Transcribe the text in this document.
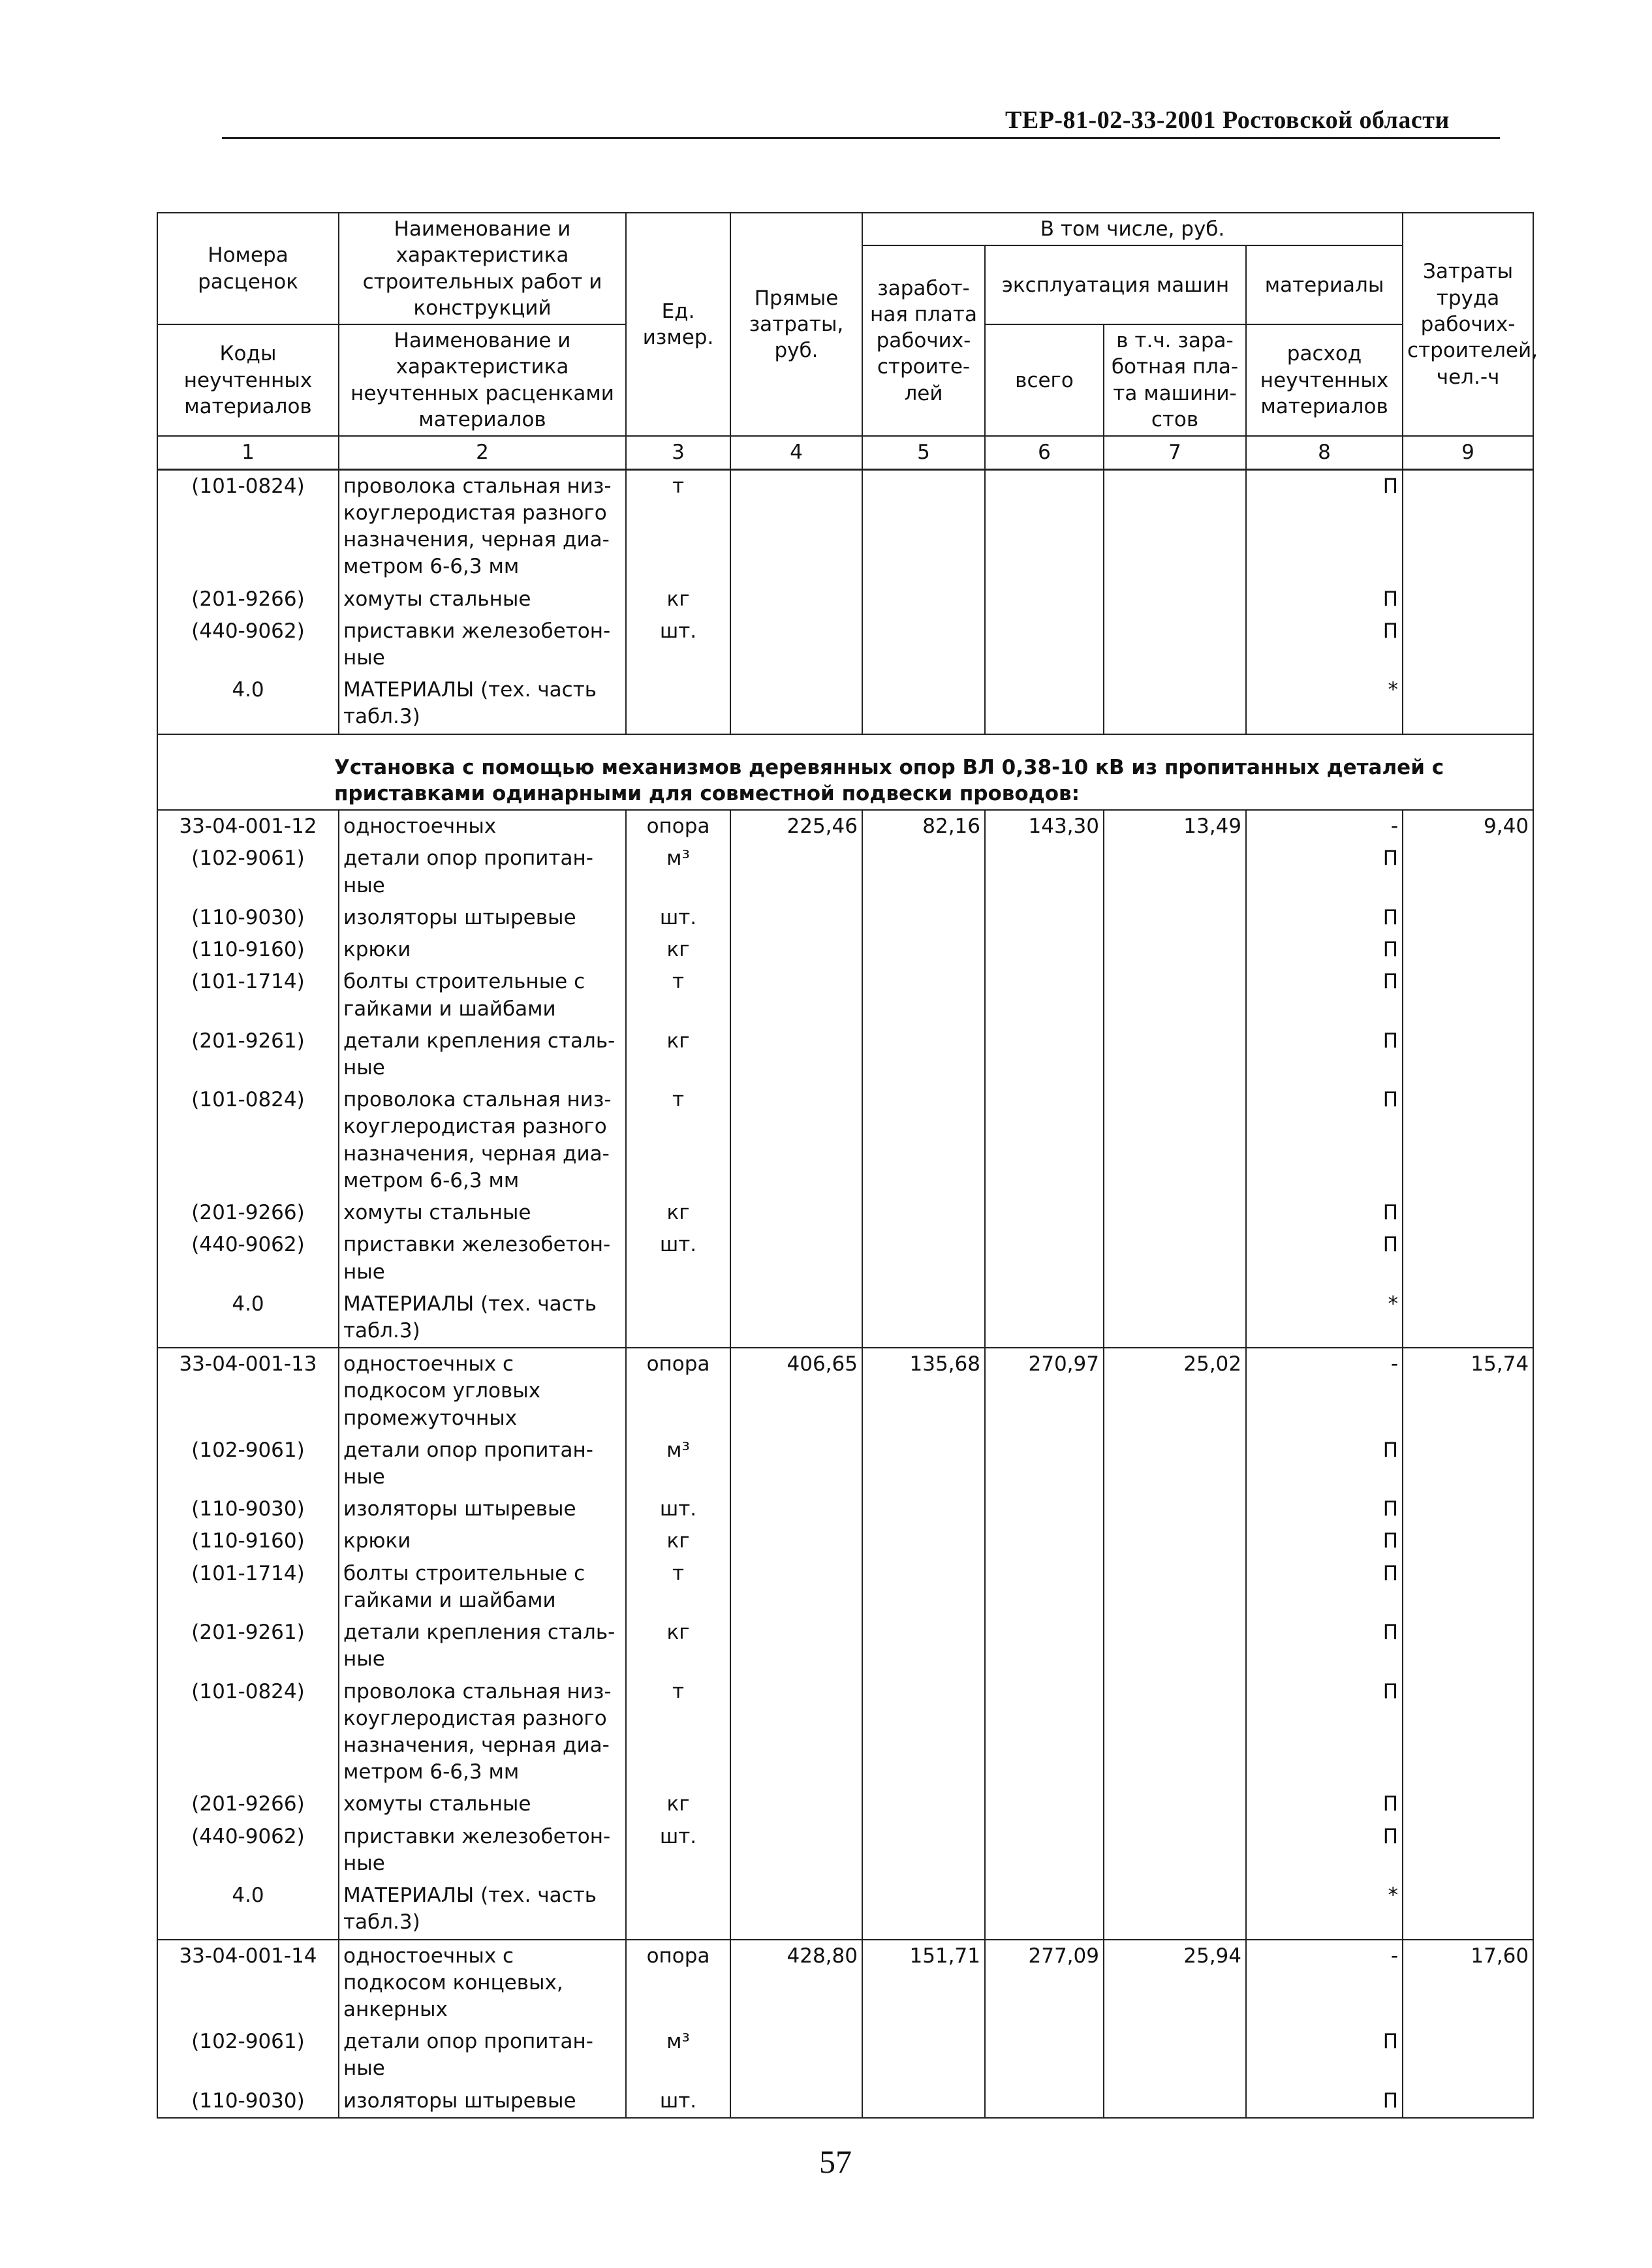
ТЕР-81-02-33-2001 Ростовской области
Номера расценок	Наименование и характеристика строительных работ и конструкций	Ед. измер.	Прямые затраты, руб.	В том числе, руб.				Затраты труда рабочих-строителей, чел.-ч
				заработ-ная плата рабочих-строите-лей	эксплуатация машин		материалы	
Коды неучтенных материалов	Наименование и характеристика неучтенных расценками материалов				всего	в т.ч. зара-ботная пла-та машини-стов	расход неучтенных материалов	

1	2	3	4	5	6	7	8	9
(101-0824)	проволока стальная низ-коуглеродистая разного назначения, черная диа-метром 6-6,3 мм	т					П	
(201-9266)	хомуты стальные	кг					П	
(440-9062)	приставки железобетон-ные	шт.					П	
4.0	МАТЕРИАЛЫ (тех. часть табл.3)						*	
Установка с помощью механизмов деревянных опор ВЛ 0,38-10 кВ из пропитанных деталей с приставками одинарными для совместной подвески проводов:								
33-04-001-12	одностоечных	опора	225,46	82,16	143,30	13,49	-	9,40
(102-9061)	детали опор пропитан-ные	м³					П	
(110-9030)	изоляторы штыревые	шт.					П	
(110-9160)	крюки	кг					П	
(101-1714)	болты строительные с гайками и шайбами	т					П	
(201-9261)	детали крепления сталь-ные	кг					П	
(101-0824)	проволока стальная низ-коуглеродистая разного назначения, черная диа-метром 6-6,3 мм	т					П	
(201-9266)	хомуты стальные	кг					П	
(440-9062)	приставки железобетон-ные	шт.					П	
4.0	МАТЕРИАЛЫ (тех. часть табл.3)						*	
33-04-001-13	одностоечных с подкосом угловых промежуточных	опора	406,65	135,68	270,97	25,02	-	15,74
(102-9061)	детали опор пропитан-ные	м³					П	
(110-9030)	изоляторы штыревые	шт.					П	
(110-9160)	крюки	кг					П	
(101-1714)	болты строительные с гайками и шайбами	т					П	
(201-9261)	детали крепления сталь-ные	кг					П	
(101-0824)	проволока стальная низ-коуглеродистая разного назначения, черная диа-метром 6-6,3 мм	т					П	
(201-9266)	хомуты стальные	кг					П	
(440-9062)	приставки железобетон-ные	шт.					П	
4.0	МАТЕРИАЛЫ (тех. часть табл.3)						*	
33-04-001-14	одностоечных с подкосом концевых, анкерных	опора	428,80	151,71	277,09	25,94	-	17,60
(102-9061)	детали опор пропитан-ные	м³					П	
(110-9030)	изоляторы штыревые	шт.					П	
57
